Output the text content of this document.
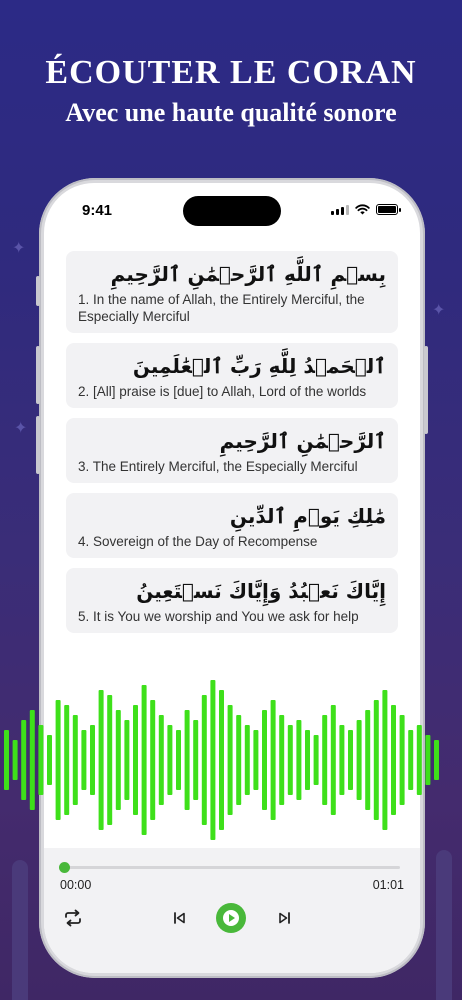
ÉCOUTER LE CORAN
Avec une haute qualité sonore
✦
✦
✦
9:41
بِسۡمِ ٱللَّهِ ٱلرَّحۡمَٰنِ ٱلرَّحِيمِ
1. In the name of Allah, the Entirely Merciful, the Especially Merciful
ٱلۡحَمۡدُ لِلَّهِ رَبِّ ٱلۡعَٰلَمِينَ
2. [All] praise is [due] to Allah, Lord of the worlds
ٱلرَّحۡمَٰنِ ٱلرَّحِيمِ
3. The Entirely Merciful, the Especially Merciful
مَٰلِكِ يَوۡمِ ٱلدِّينِ
4. Sovereign of the Day of Recompense
إِيَّاكَ نَعۡبُدُ وَإِيَّاكَ نَسۡتَعِينُ
5. It is You we worship and You we ask for help
00:00	01:01
